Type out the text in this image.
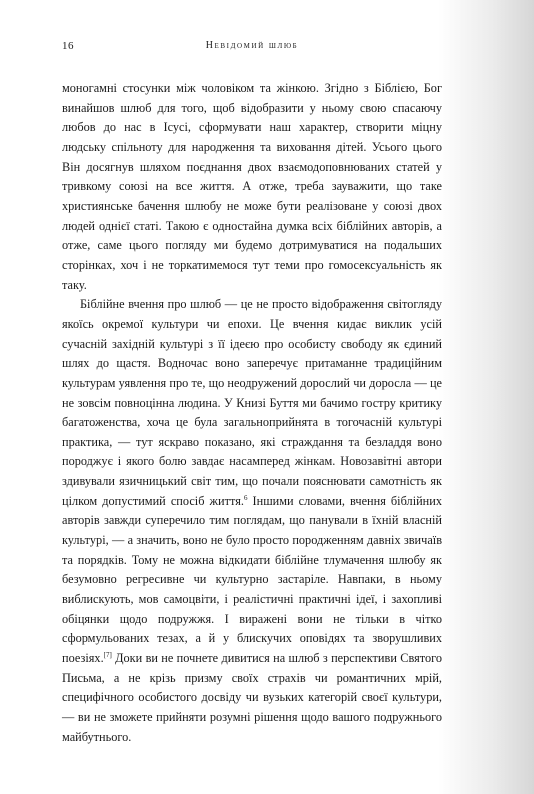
16	Невідомий шлюб

моногамні стосунки між чоловіком та жінкою. Згідно з Біблією, Бог винайшов шлюб для того, щоб відобразити у ньому свою спасаючу любов до нас в Ісусі, сформувати наш характер, створити міцну людську спільноту для народження та виховання дітей. Усього цього Він досягнув шляхом поєднання двох взаємодоповнюваних статей у тривкому союзі на все життя. А отже, треба зауважити, що таке християнське бачення шлюбу не може бути реалізоване у союзі двох людей однієї статі. Такою є одностайна думка всіх біблійних авторів, а отже, саме цього погляду ми будемо дотримуватися на подальших сторінках, хоч і не торкатимемося тут теми про гомосексуальність як таку.

Біблійне вчення про шлюб — це не просто відображення світогляду якоїсь окремої культури чи епохи. Це вчення кидає виклик усій сучасній західній культурі з її ідеєю про особисту свободу як єдиний шлях до щастя. Водночас воно заперечує притаманне традиційним культурам уявлення про те, що неодружений дорослий чи доросла — це не зовсім повноцінна людина. У Книзі Буття ми бачимо гостру критику багатоженства, хоча це була загальноприйнята в тогочасній культурі практика, — тут яскраво показано, які страждання та безладдя воно породжує і якого болю завдає насамперед жінкам. Новозавітні автори здивували язичницький світ тим, що почали пояснювати самотність як цілком допустимий спосіб життя.$^6$ Іншими словами, вчення біблійних авторів завжди суперечило тим поглядам, що панували в їхній власній культурі, — а значить, воно не було просто породженням давніх звичаїв та порядків. Тому не можна відкидати біблійне тлумачення шлюбу як безумовно регресивне чи культурно застаріле. Навпаки, в ньому виблискують, мов самоцвіти, і реалістичні практичні ідеї, і захопливі обіцянки щодо подружжя. І виражені вони не тільки в чітко сформульованих тезах, а й у блискучих оповідях та зворушливих поезіях.[7] Доки ви не почнете дивитися на шлюб з перспективи Святого Письма, а не крізь призму своїх страхів чи романтичних мрій, специфічного особистого досвіду чи вузьких категорій своєї культури, — ви не зможете прийняти розумні рішення щодо вашого подружнього майбутнього.
